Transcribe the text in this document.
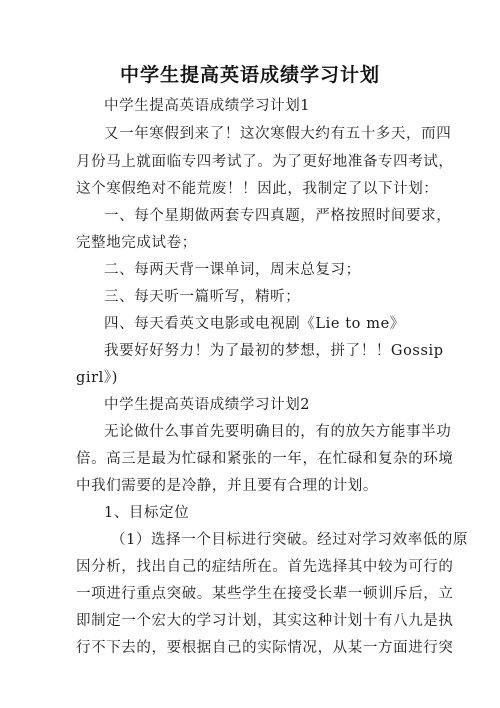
中学生提高英语成绩学习计划
中学生提高英语成绩学习计划1
又一年寒假到来了！这次寒假大约有五十多天，而四
月份马上就面临专四考试了。为了更好地准备专四考试，
这个寒假绝对不能荒废！！因此，我制定了以下计划：
一、每个星期做两套专四真题，严格按照时间要求，
完整地完成试卷；
二、每两天背一课单词，周末总复习；
三、每天听一篇听写，精听；
四、每天看英文电影或电视剧《Lie to me》
我要好好努力！为了最初的梦想，拼了！！ Gossip
girl》)
中学生提高英语成绩学习计划2
无论做什么事首先要明确目的，有的放矢方能事半功
倍。高三是最为忙碌和紧张的一年，在忙碌和复杂的环境
中我们需要的是冷静，并且要有合理的计划。
1、目标定位
（1）选择一个目标进行突破。经过对学习效率低的原
因分析，找出自己的症结所在。首先选择其中较为可行的
一项进行重点突破。某些学生在接受长辈一顿训斥后，立
即制定一个宏大的学习计划，其实这种计划十有八九是执
行不下去的，要根据自己的实际情况，从某一方面进行突
